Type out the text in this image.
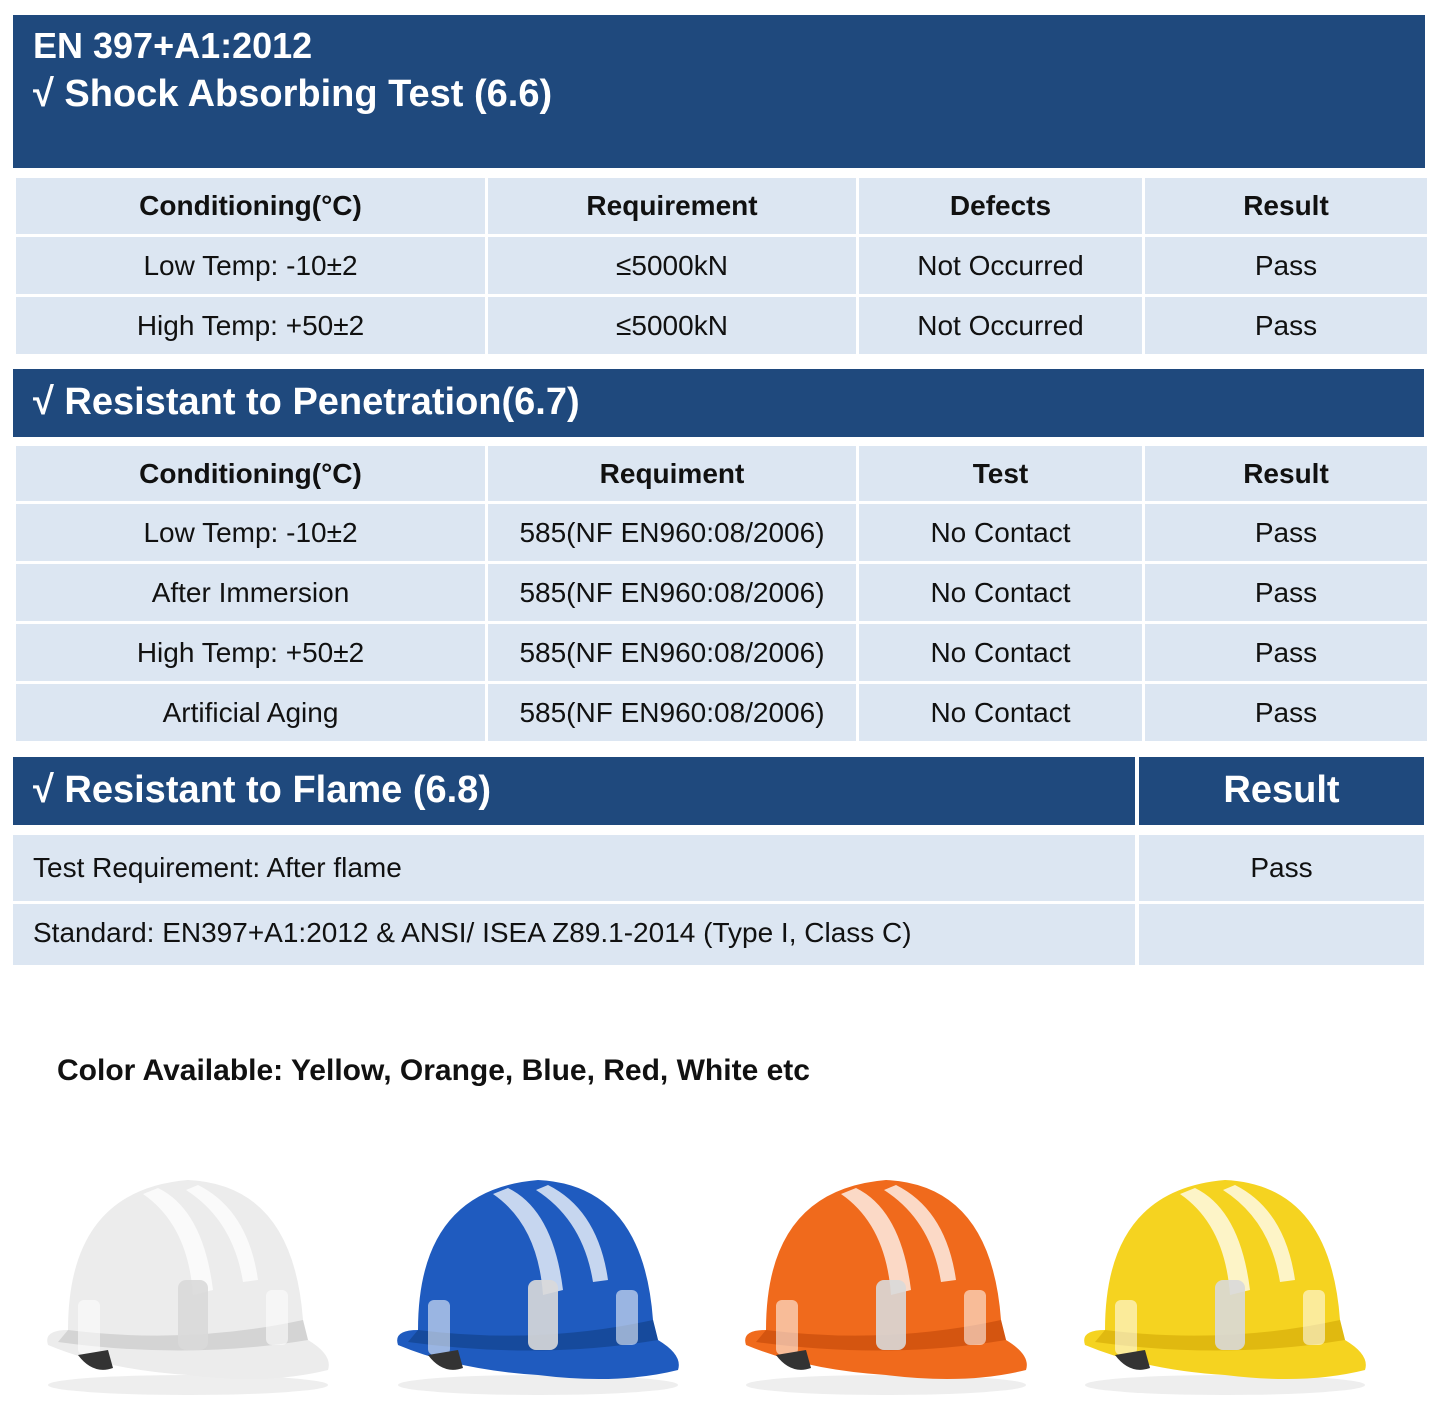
EN 397+A1:2012
√ Shock Absorbing Test (6.6)
Conditioning(°C)	Requirement	Defects	Result
Low Temp: -10±2	≤5000kN	Not Occurred	Pass
High Temp: +50±2	≤5000kN	Not Occurred	Pass
√ Resistant to Penetration(6.7)
Conditioning(°C)	Requiment	Test	Result
Low Temp: -10±2	585(NF EN960:08/2006)	No Contact	Pass
After Immersion	585(NF EN960:08/2006)	No Contact	Pass
High Temp: +50±2	585(NF EN960:08/2006)	No Contact	Pass
Artificial Aging	585(NF EN960:08/2006)	No Contact	Pass
√ Resistant to Flame (6.8)	Result
Test Requirement: After flame	Pass
Standard: EN397+A1:2012 & ANSI/ ISEA Z89.1-2014 (Type I, Class C)
Color Available: Yellow, Orange, Blue, Red, White etc
